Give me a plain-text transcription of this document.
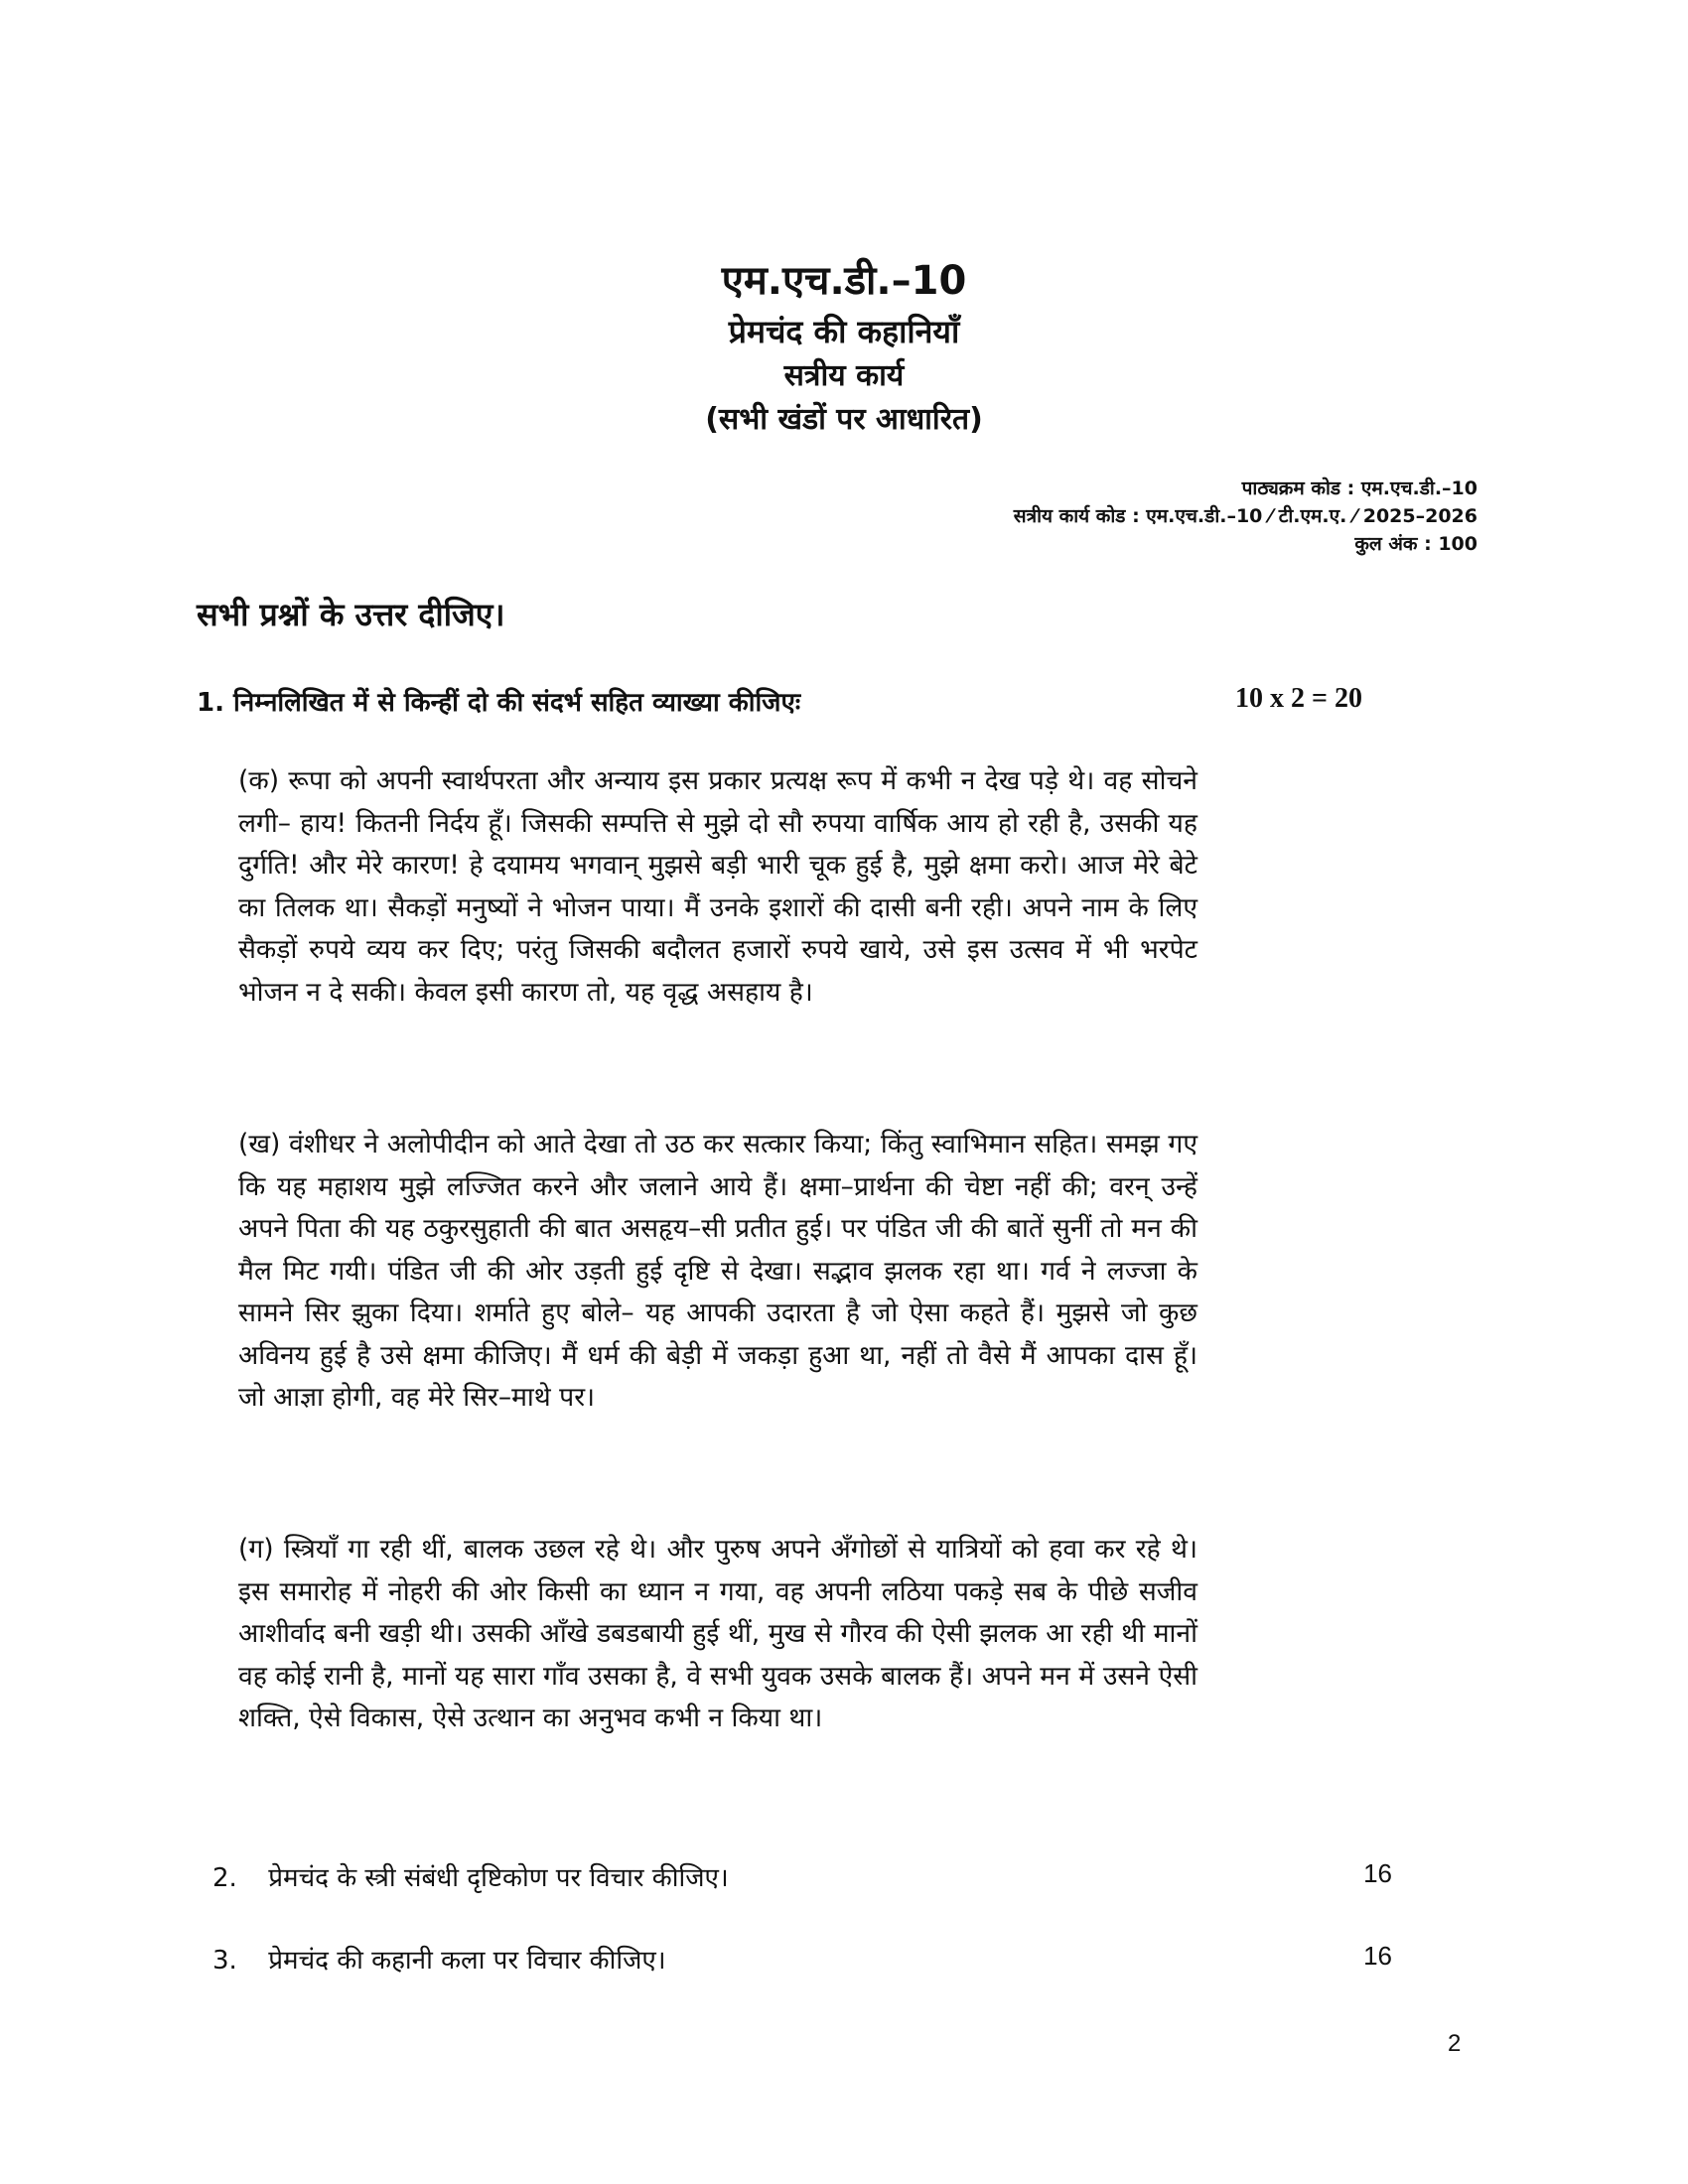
एम.एच.डी.–10
प्रेमचंद की कहानियाँ
सत्रीय कार्य
(सभी खंडों पर आधारित)
पाठ्यक्रम कोड : एम.एच.डी.–10
सत्रीय कार्य कोड : एम.एच.डी.–10 ⁄ टी.एम.ए. ⁄ 2025–2026
कुल अंक : 100
सभी प्रश्नों के उत्तर दीजिए।
1. निम्नलिखित में से किन्हीं दो की संदर्भ सहित व्याख्या कीजिएः	10 x 2 = 20
(क) रूपा को अपनी स्वार्थपरता और अन्याय इस प्रकार प्रत्यक्ष रूप में कभी न देख पड़े थे। वह सोचने लगी– हाय! कितनी निर्दय हूँ। जिसकी सम्पत्ति से मुझे दो सौ रुपया वार्षिक आय हो रही है, उसकी यह दुर्गति! और मेरे कारण! हे दयामय भगवान् मुझसे बड़ी भारी चूक हुई है, मुझे क्षमा करो। आज मेरे बेटे का तिलक था। सैकड़ों मनुष्यों ने भोजन पाया। मैं उनके इशारों की दासी बनी रही। अपने नाम के लिए सैकड़ों रुपये व्यय कर दिए; परंतु जिसकी बदौलत हजारों रुपये खाये, उसे इस उत्सव में भी भरपेट भोजन न दे सकी। केवल इसी कारण तो, यह वृद्ध असहाय है।
(ख) वंशीधर ने अलोपीदीन को आते देखा तो उठ कर सत्कार किया; किंतु स्वाभिमान सहित। समझ गए कि यह महाशय मुझे लज्जित करने और जलाने आये हैं। क्षमा–प्रार्थना की चेष्टा नहीं की; वरन् उन्हें अपने पिता की यह ठकुरसुहाती की बात असहृय–सी प्रतीत हुई। पर पंडित जी की बातें सुनीं तो मन की मैल मिट गयी। पंडित जी की ओर उड़ती हुई दृष्टि से देखा। सद्भाव झलक रहा था। गर्व ने लज्जा के सामने सिर झुका दिया। शर्माते हुए बोले– यह आपकी उदारता है जो ऐसा कहते हैं। मुझसे जो कुछ अविनय हुई है उसे क्षमा कीजिए। मैं धर्म की बेड़ी में जकड़ा हुआ था, नहीं तो वैसे मैं आपका दास हूँ। जो आज्ञा होगी, वह मेरे सिर–माथे पर।
(ग) स्त्रियाँ गा रही थीं, बालक उछल रहे थे। और पुरुष अपने अँगोछों से यात्रियों को हवा कर रहे थे। इस समारोह में नोहरी की ओर किसी का ध्यान न गया, वह अपनी लठिया पकड़े सब के पीछे सजीव आशीर्वाद बनी खड़ी थी। उसकी आँखे डबडबायी हुई थीं, मुख से गौरव की ऐसी झलक आ रही थी मानों वह कोई रानी है, मानों यह सारा गाँव उसका है, वे सभी युवक उसके बालक हैं। अपने मन में उसने ऐसी शक्ति, ऐसे विकास, ऐसे उत्थान का अनुभव कभी न किया था।
2. प्रेमचंद के स्त्री संबंधी दृष्टिकोण पर विचार कीजिए।	16
3. प्रेमचंद की कहानी कला पर विचार कीजिए।	16
2
